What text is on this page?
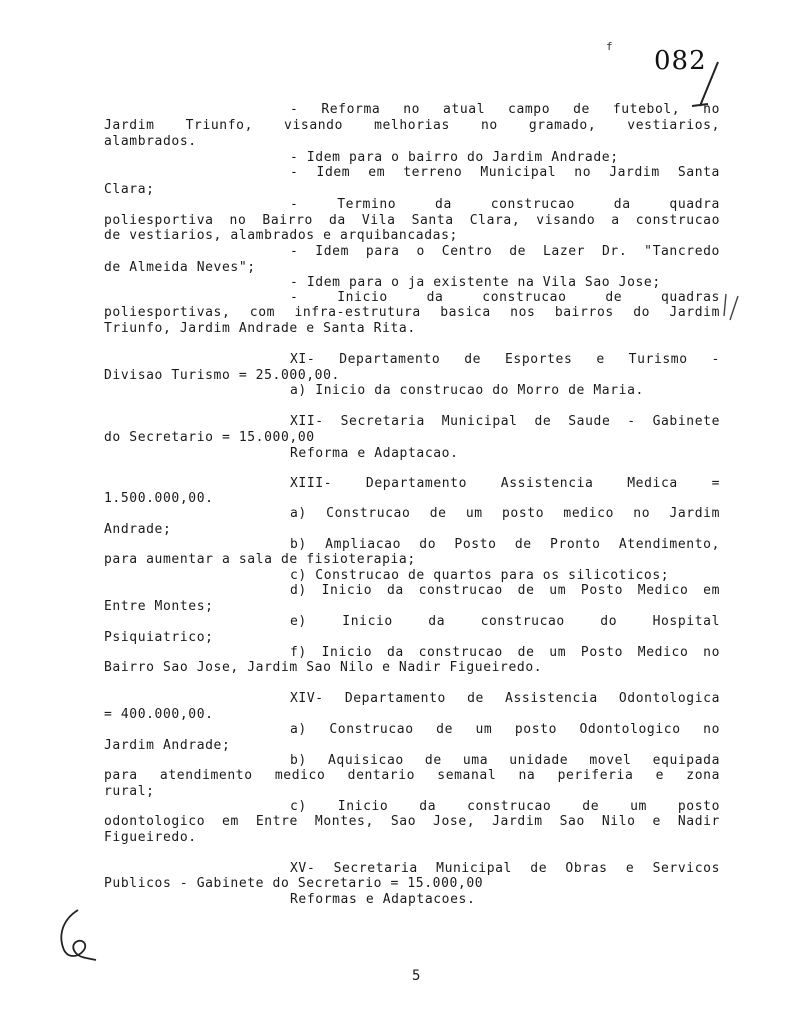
f 082
- Reforma no atual campo de futebol, no
Jardim Triunfo, visando melhorias no gramado, vestiarios,
alambrados.
- Idem para o bairro do Jardim Andrade;
- Idem em terreno Municipal no Jardim Santa
Clara;
- Termino da construcao da quadra
poliesportiva no Bairro da Vila Santa Clara, visando a construcao
de vestiarios, alambrados e arquibancadas;
- Idem para o Centro de Lazer Dr. "Tancredo
de Almeida Neves";
- Idem para o ja existente na Vila Sao Jose;
- Inicio da construcao de quadras
poliesportivas, com infra-estrutura basica nos bairros do Jardim
Triunfo, Jardim Andrade e Santa Rita.
XI- Departamento de Esportes e Turismo -
Divisao Turismo = 25.000,00.
a) Inicio da construcao do Morro de Maria.
XII- Secretaria Municipal de Saude - Gabinete
do Secretario = 15.000,00
Reforma e Adaptacao.
XIII- Departamento Assistencia Medica =
1.500.000,00.
a) Construcao de um posto medico no Jardim
Andrade;
b) Ampliacao do Posto de Pronto Atendimento,
para aumentar a sala de fisioterapia;
c) Construcao de quartos para os silicoticos;
d) Inicio da construcao de um Posto Medico em
Entre Montes;
e) Inicio da construcao do Hospital
Psiquiatrico;
f) Inicio da construcao de um Posto Medico no
Bairro Sao Jose, Jardim Sao Nilo e Nadir Figueiredo.
XIV- Departamento de Assistencia Odontologica
= 400.000,00.
a) Construcao de um posto Odontologico no
Jardim Andrade;
b) Aquisicao de uma unidade movel equipada
para atendimento medico dentario semanal na periferia e zona
rural;
c) Inicio da construcao de um posto
odontologico em Entre Montes, Sao Jose, Jardim Sao Nilo e Nadir
Figueiredo.
XV- Secretaria Municipal de Obras e Servicos
Publicos - Gabinete do Secretario = 15.000,00
Reformas e Adaptacoes.
5
